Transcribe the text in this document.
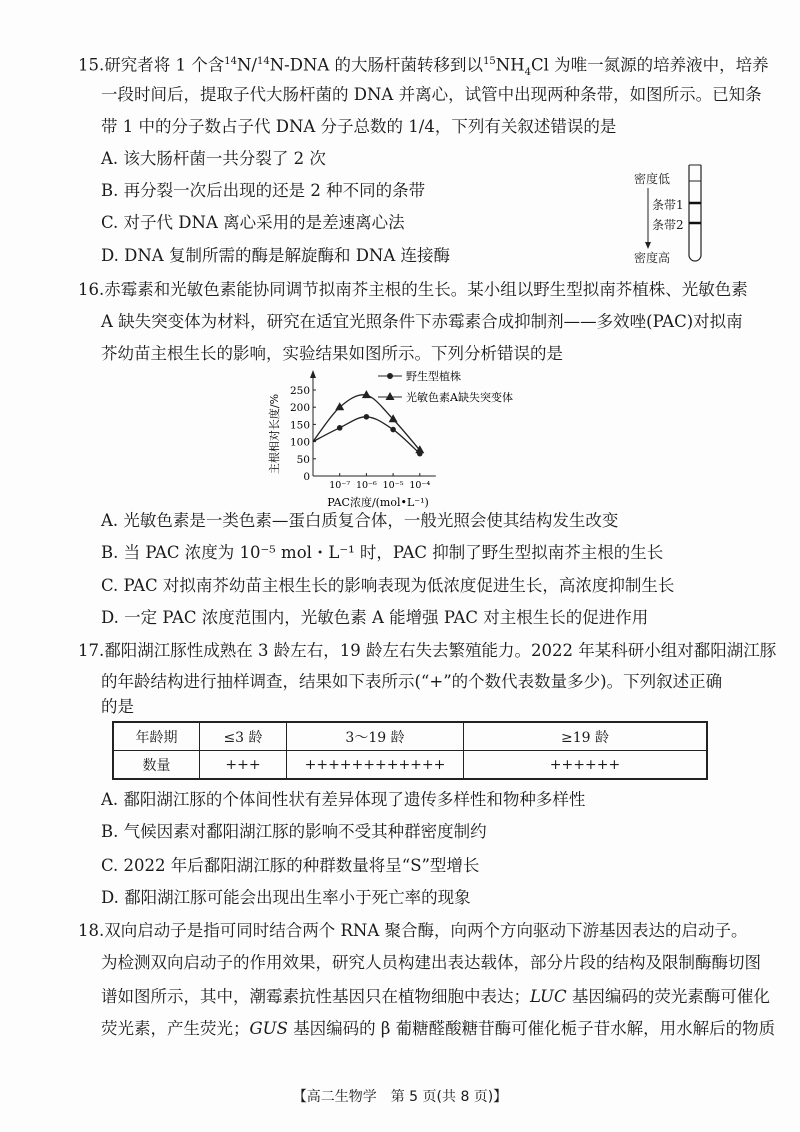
15.研究者将 1 个含$^{14}$N/$^{14}$N-DNA 的大肠杆菌转移到以$^{15}NH_4Cl$ 为唯一氮源的培养液中，培养
一段时间后，提取子代大肠杆菌的 DNA 并离心，试管中出现两种条带，如图所示。已知条
带 1 中的分子数占子代 DNA 分子总数的 1/4，下列有关叙述错误的是
A. 该大肠杆菌一共分裂了 2 次
B. 再分裂一次后出现的还是 2 种不同的条带
C. 对子代 DNA 离心采用的是差速离心法
D. DNA 复制所需的酶是解旋酶和 DNA 连接酶
密度低
条带1
条带2
密度高
16.赤霉素和光敏色素能协同调节拟南芥主根的生长。某小组以野生型拟南芥植株、光敏色素
A 缺失突变体为材料，研究在适宜光照条件下赤霉素合成抑制剂——多效唑(PAC)对拟南
芥幼苗主根生长的影响，实验结果如图所示。下列分析错误的是
0
50
100
150
200
250
10⁻⁷ 10⁻⁶ 10⁻⁵ 10⁻⁴
PAC浓度/(mol•L⁻¹)
主根相对长度/%
野生型植株
光敏色素A缺失突变体
A. 光敏色素是一类色素—蛋白质复合体，一般光照会使其结构发生改变
B. 当 PAC 浓度为 10⁻⁵ mol・L⁻¹ 时，PAC 抑制了野生型拟南芥主根的生长
C. PAC 对拟南芥幼苗主根生长的影响表现为低浓度促进生长，高浓度抑制生长
D. 一定 PAC 浓度范围内，光敏色素 A 能增强 PAC 对主根生长的促进作用
17.鄱阳湖江豚性成熟在 3 龄左右，19 龄左右失去繁殖能力。2022 年某科研小组对鄱阳湖江豚
的年龄结构进行抽样调查，结果如下表所示(“+”的个数代表数量多少)。下列叙述正确
的是
年龄期	≤3 龄	3～19 龄	≥19 龄
数量	+++	++++++++++++	++++++
A. 鄱阳湖江豚的个体间性状有差异体现了遗传多样性和物种多样性
B. 气候因素对鄱阳湖江豚的影响不受其种群密度制约
C. 2022 年后鄱阳湖江豚的种群数量将呈“S”型增长
D. 鄱阳湖江豚可能会出现出生率小于死亡率的现象
18.双向启动子是指可同时结合两个 RNA 聚合酶，向两个方向驱动下游基因表达的启动子。
为检测双向启动子的作用效果，研究人员构建出表达载体，部分片段的结构及限制酶酶切图
谱如图所示，其中，潮霉素抗性基因只在植物细胞中表达；LUC 基因编码的荧光素酶可催化
荧光素，产生荧光；GUS 基因编码的 β 葡糖醛酸糖苷酶可催化栀子苷水解，用水解后的物质
【高二生物学　第 5 页(共 8 页)】
